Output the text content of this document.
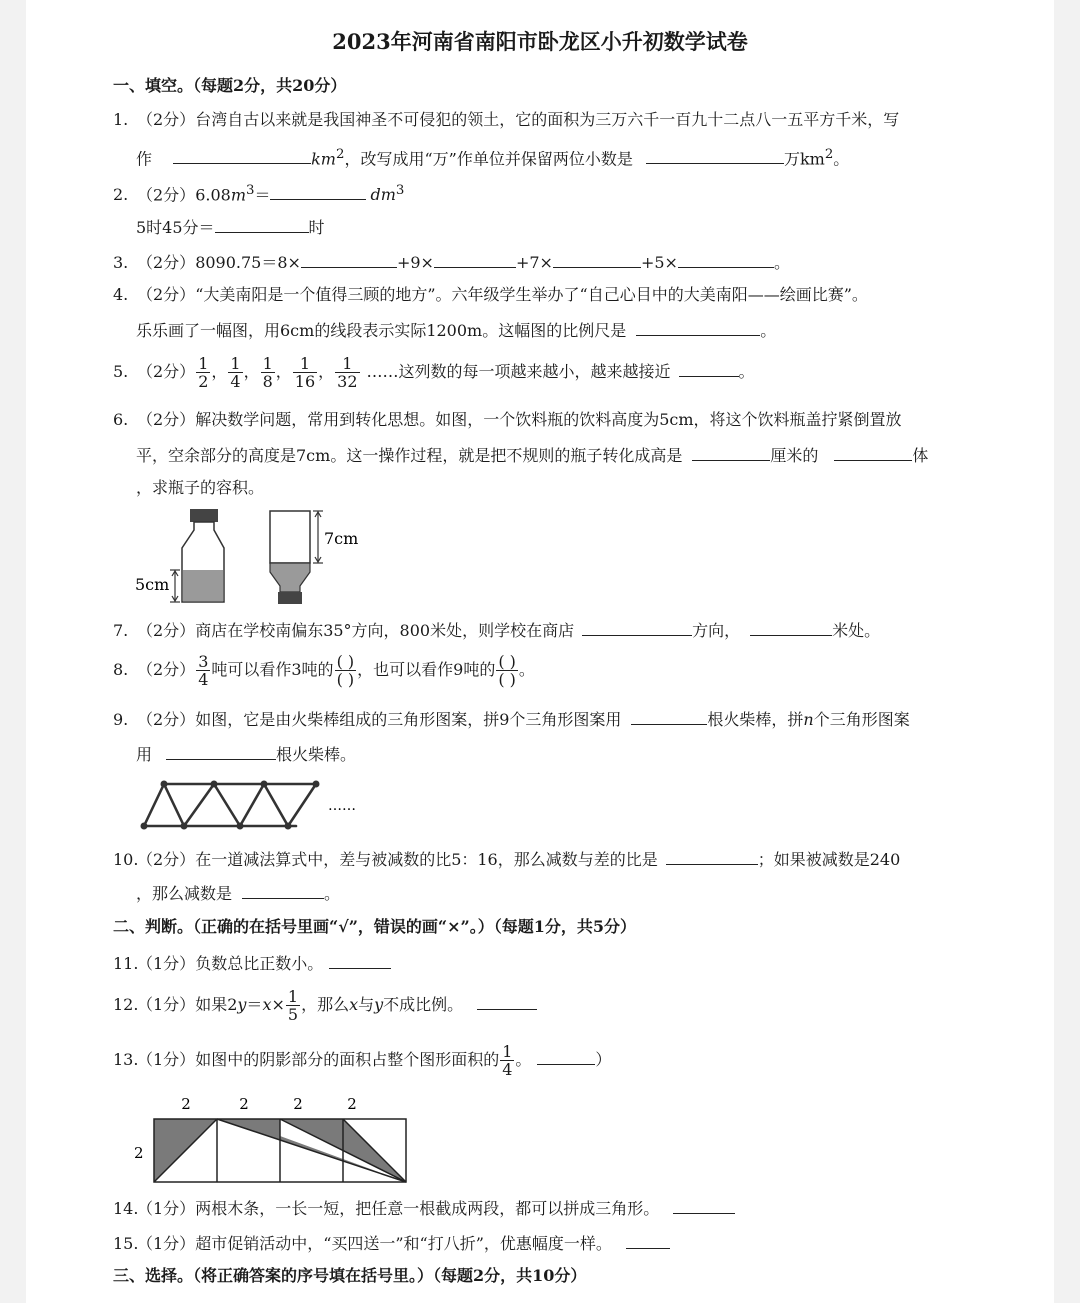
2023年河南省南阳市卧龙区小升初数学试卷
一、填空。（每题2分，共20分）
1. （2分）台湾自古以来就是我国神圣不可侵犯的领土，它的面积为三万六千一百九十二点八一五平方千米，写
作	$km^2$，改写成用“万”作单位并保留两位小数是	万$km^2$。
2. （2分）$6.08m^3=$	$dm^3$
5时45分＝	时
3. （2分）8090.75＝8×	+9×	+7×	+5×	。
4. （2分）“大美南阳是一个值得三顾的地方”。六年级学生举办了“自己心目中的大美南阳——绘画比赛”。
乐乐画了一幅图，用6cm的线段表示实际1200m。这幅图的比例尺是	。
5. （2分） $\frac{1}{2}$ ， $\frac{1}{4}$ ， $\frac{1}{8}$ ， $\frac{1}{16}$ ， $\frac{1}{32}$ ……这列数的每一项越来越小，越来越接近	。
6. （2分）解决数学问题，常用到转化思想。如图，一个饮料瓶的饮料高度为5cm，将这个饮料瓶盖拧紧倒置放
平，空余部分的高度是7cm。这一操作过程，就是把不规则的瓶子转化成高是	厘米的	体
，求瓶子的容积。
5cm
7cm
7. （2分）商店在学校南偏东35°方向，800米处，则学校在商店	方向，	米处。
8. （2分） $\frac{3}{4}$ 吨可以看作3吨的 $\frac{( )}{( )}$ ，也可以看作9吨的 $\frac{( )}{( )}$ 。
9. （2分）如图，它是由火柴棒组成的三角形图案，拼9个三角形图案用	根火柴棒，拼n个三角形图案
用	根火柴棒。
……
10.（2分）在一道减法算式中，差与被减数的比5：16，那么减数与差的比是	；如果被减数是240
，那么减数是	。
二、判断。（正确的在括号里画“√”，错误的画“×”。）（每题1分，共5分）
11.（1分）负数总比正数小。
12.（1分）如果$2y=x\times \frac{1}{5}$ ，那么x与y不成比例。
13.（1分）如图中的阴影部分的面积占整个图形面积的 $\frac{1}{4}$ 。	）
2	2	2	2
2
14.（1分）两根木条，一长一短，把任意一根截成两段，都可以拼成三角形。
15.（1分）超市促销活动中，“买四送一”和“打八折”，优惠幅度一样。
三、选择。（将正确答案的序号填在括号里。）（每题2分，共10分）
